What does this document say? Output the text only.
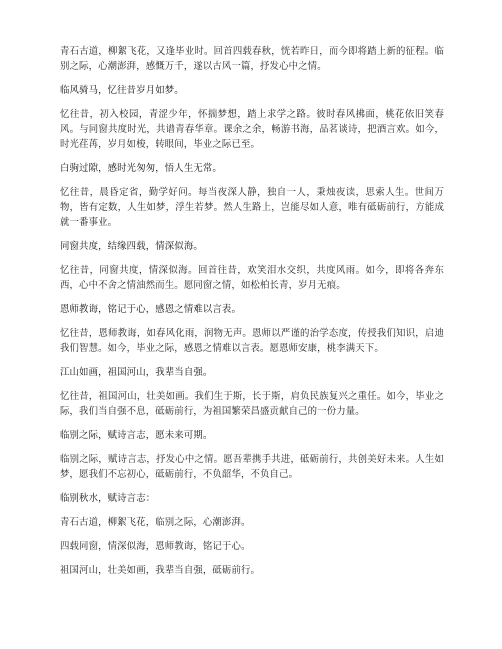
青石古道，柳絮飞花，又逢毕业时。回首四载春秋，恍若昨日，而今即将踏上新的征程。临别之际，心潮澎湃，感慨万千，遂以古风一篇，抒发心中之情。

临风骑马，忆往昔岁月如梦。

忆往昔，初入校园，青涩少年，怀揣梦想，踏上求学之路。彼时春风拂面，桃花依旧笑春风。与同窗共度时光，共谱青春华章。课余之余，畅游书海，品茗谈诗，把酒言欢。如今，时光荏苒，岁月如梭，转眼间，毕业之际已至。

白驹过隙，感时光匆匆，悟人生无常。

忆往昔，晨昏定省，勤学好问。每当夜深人静，独自一人，秉烛夜读，思索人生。世间万物，皆有定数，人生如梦，浮生若梦。然人生路上，岂能尽如人意，唯有砥砺前行，方能成就一番事业。

同窗共度，结缘四载，情深似海。

忆往昔，同窗共度，情深似海。回首往昔，欢笑泪水交织，共度风雨。如今，即将各奔东西，心中不舍之情油然而生。愿同窗之情，如松柏长青，岁月无痕。

恩师教诲，铭记于心，感恩之情难以言表。

忆往昔，恩师教诲，如春风化雨，润物无声。恩师以严谨的治学态度，传授我们知识，启迪我们智慧。如今，毕业之际，感恩之情难以言表。愿恩师安康，桃李满天下。

江山如画，祖国河山，我辈当自强。

忆往昔，祖国河山，壮美如画。我们生于斯，长于斯，肩负民族复兴之重任。如今，毕业之际，我们当自强不息，砥砺前行，为祖国繁荣昌盛贡献自己的一份力量。

临别之际，赋诗言志，愿未来可期。

临别之际，赋诗言志，抒发心中之情。愿吾辈携手共进，砥砺前行，共创美好未来。人生如梦，愿我们不忘初心，砥砺前行，不负韶华，不负自己。

临别秋水，赋诗言志：

青石古道，柳絮飞花，临别之际，心潮澎湃。

四载同窗，情深似海，恩师教诲，铭记于心。

祖国河山，壮美如画，我辈当自强，砥砺前行。
